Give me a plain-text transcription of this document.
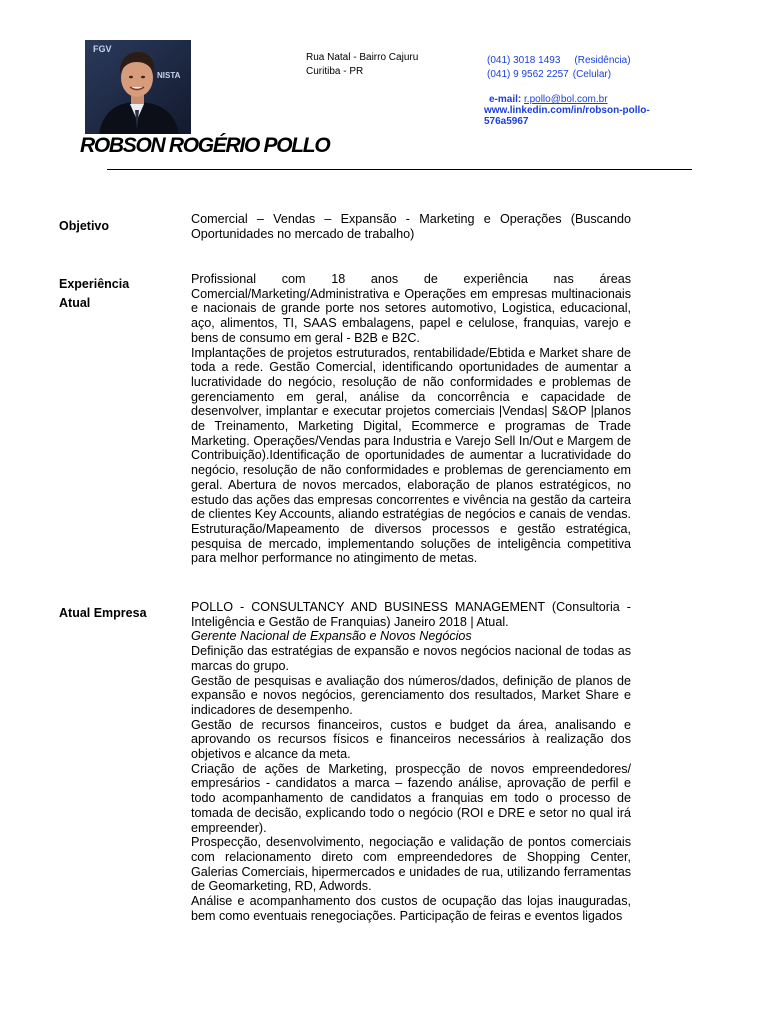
FGV
NISTA
Rua Natal - Bairro Cajuru
Curitiba - PR
(041) 3018 1493 (Residência)
(041) 9 9562 2257 (Celular)
e-mail: r.pollo@bol.com.br
www.linkedin.com/in/robson-pollo-
576a5967
ROBSON ROGÉRIO POLLO
Objetivo	Comercial – Vendas – Expansão - Marketing e Operações (Buscando Oportunidades no mercado de trabalho)

Experiência
Atual

Profissional com 18 anos de experiência nas áreas Comercial/Marketing/Administrativa e Operações em empresas multinacionais e nacionais de grande porte nos setores automotivo, Logistica, educacional, aço, alimentos, TI, SAAS embalagens, papel e celulose, franquias, varejo e bens de consumo em geral - B2B e B2C.

Implantações de projetos estruturados, rentabilidade/Ebtida e Market share de toda a rede. Gestão Comercial, identificando oportunidades de aumentar a lucratividade do negócio, resolução de não conformidades e problemas de gerenciamento em geral, análise da concorrência e capacidade de desenvolver, implantar e executar projetos comerciais |Vendas| S&OP |planos de Treinamento, Marketing Digital, Ecommerce e programas de Trade Marketing. Operações/Vendas para Industria e Varejo Sell In/Out e Margem de Contribuição).Identificação de oportunidades de aumentar a lucratividade do negócio, resolução de não conformidades e problemas de gerenciamento em geral. Abertura de novos mercados, elaboração de planos estratégicos, no estudo das ações das empresas concorrentes e vivência na gestão da carteira de clientes Key Accounts, aliando estratégias de negócios e canais de vendas. Estruturação/Mapeamento de diversos processos e gestão estratégica, pesquisa de mercado, implementando soluções de inteligência competitiva para melhor performance no atingimento de metas.

Atual Empresa	POLLO - CONSULTANCY AND BUSINESS MANAGEMENT (Consultoria - Inteligência e Gestão de Franquias) Janeiro 2018 | Atual.

Gerente Nacional de Expansão e Novos Negócios

Definição das estratégias de expansão e novos negócios nacional de todas as marcas do grupo.

Gestão de pesquisas e avaliação dos números/dados, definição de planos de expansão e novos negócios, gerenciamento dos resultados, Market Share e indicadores de desempenho.

Gestão de recursos financeiros, custos e budget da área, analisando e aprovando os recursos físicos e financeiros necessários à realização dos objetivos e alcance da meta.

Criação de ações de Marketing, prospecção de novos empreendedores/ empresários - candidatos a marca – fazendo análise, aprovação de perfil e todo acompanhamento de candidatos a franquias em todo o processo de tomada de decisão, explicando todo o negócio (ROI e DRE e setor no qual irá empreender).

Prospecção, desenvolvimento, negociação e validação de pontos comerciais com relacionamento direto com empreendedores de Shopping Center, Galerias Comerciais, hipermercados e unidades de rua, utilizando ferramentas de Geomarketing, RD, Adwords.

Análise e acompanhamento dos custos de ocupação das lojas inauguradas, bem como eventuais renegociações. Participação de feiras e eventos ligados
